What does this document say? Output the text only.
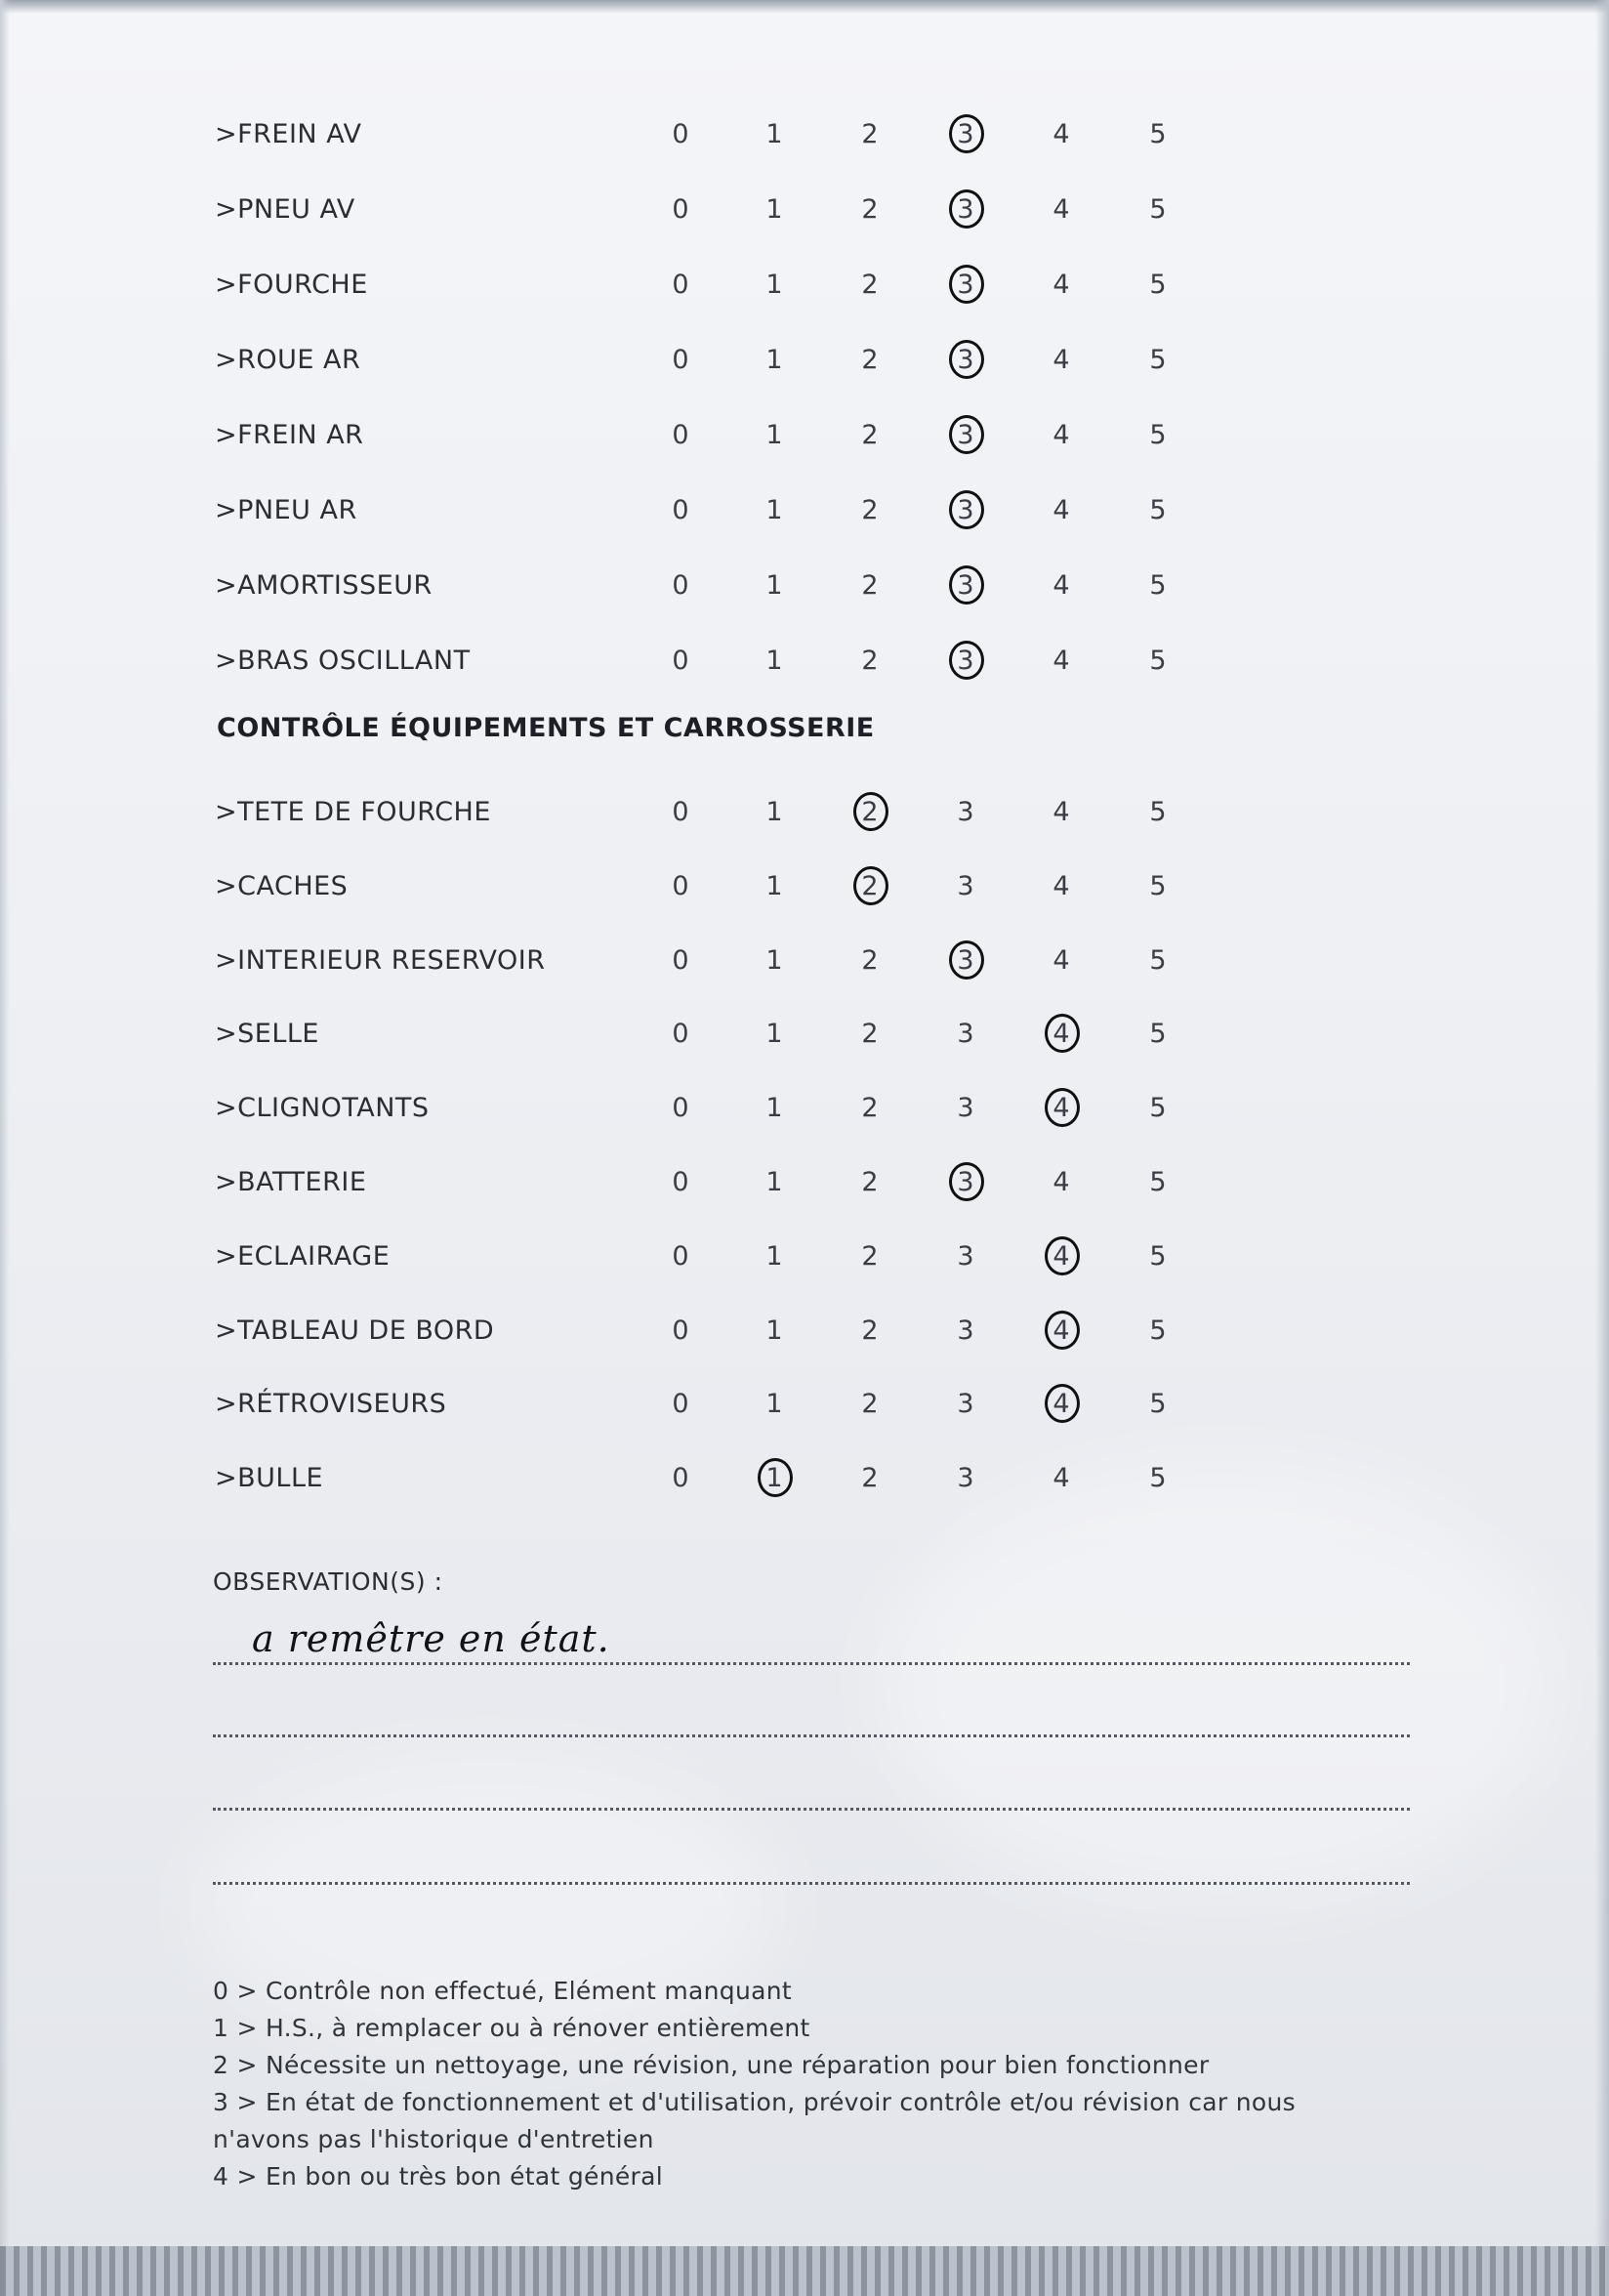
>FREIN AV	0	1	2	3	4	5
>PNEU AV	0	1	2	3	4	5
>FOURCHE	0	1	2	3	4	5
>ROUE AR	0	1	2	3	4	5
>FREIN AR	0	1	2	3	4	5
>PNEU AR	0	1	2	3	4	5
>AMORTISSEUR	0	1	2	3	4	5
>BRAS OSCILLANT	0	1	2	3	4	5
>TETE DE FOURCHE	0	1	2	3	4	5
>CACHES	0	1	2	3	4	5
>INTERIEUR RESERVOIR	0	1	2	3	4	5
>SELLE	0	1	2	3	4	5
>CLIGNOTANTS	0	1	2	3	4	5
>BATTERIE	0	1	2	3	4	5
>ECLAIRAGE	0	1	2	3	4	5
>TABLEAU DE BORD	0	1	2	3	4	5
>RÉTROVISEURS	0	1	2	3	4	5
>BULLE	0	1	2	3	4	5
CONTRÔLE ÉQUIPEMENTS ET CARROSSERIE
OBSERVATION(S) :
a remêtre en état.
0 > Contrôle non effectué, Elément manquant
1 > H.S., à remplacer ou à rénover entièrement
2 > Nécessite un nettoyage, une révision, une réparation pour bien fonctionner
3 > En état de fonctionnement et d'utilisation, prévoir contrôle et/ou révision car nous
n'avons pas l'historique d'entretien
4 > En bon ou très bon état général
